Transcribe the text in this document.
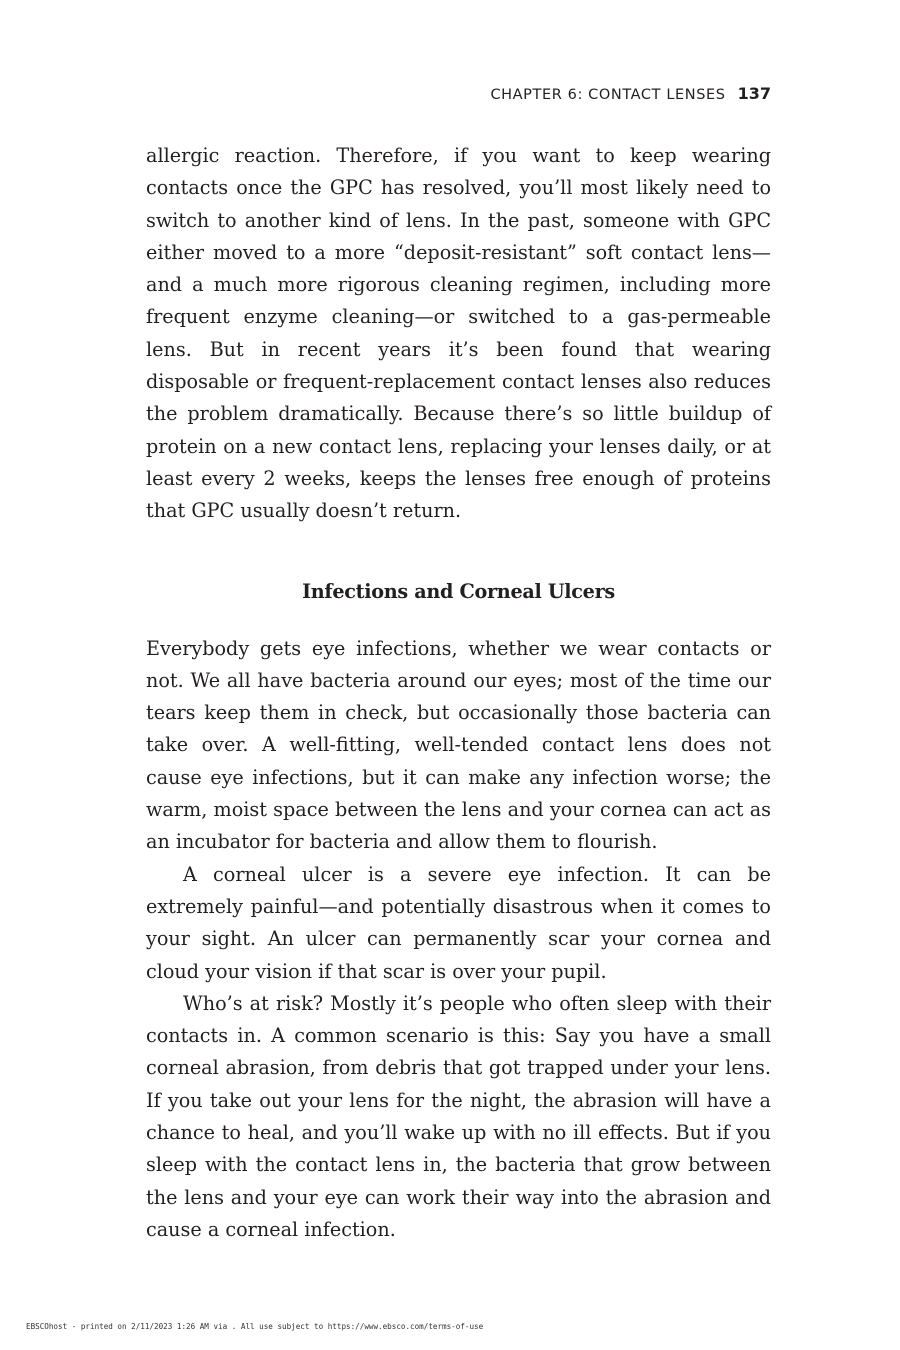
CHAPTER 6: CONTACT LENSES 137

allergic reaction. Therefore, if you want to keep wearing contacts once the GPC has resolved, you’ll most likely need to switch to another kind of lens. In the past, someone with GPC either moved to a more “deposit-resistant” soft contact lens—and a much more rigorous cleaning regimen, including more frequent enzyme cleaning—or switched to a gas-permeable lens. But in recent years it’s been found that wearing disposable or frequent-replacement contact lenses also reduces the problem dramatically. Because there’s so little buildup of protein on a new contact lens, replacing your lenses daily, or at least every 2 weeks, keeps the lenses free enough of proteins that GPC usually doesn’t return.

Infections and Corneal Ulcers

Everybody gets eye infections, whether we wear contacts or not. We all have bacteria around our eyes; most of the time our tears keep them in check, but occasionally those bacteria can take over. A well-fitting, well-tended contact lens does not cause eye infections, but it can make any infection worse; the warm, moist space between the lens and your cornea can act as an incubator for bacteria and allow them to flourish.

A corneal ulcer is a severe eye infection. It can be extremely painful—and potentially disastrous when it comes to your sight. An ulcer can permanently scar your cornea and cloud your vision if that scar is over your pupil.

Who’s at risk? Mostly it’s people who often sleep with their contacts in. A common scenario is this: Say you have a small corneal abrasion, from debris that got trapped under your lens. If you take out your lens for the night, the abrasion will have a chance to heal, and you’ll wake up with no ill effects. But if you sleep with the contact lens in, the bacteria that grow between the lens and your eye can work their way into the abrasion and cause a corneal infection.

EBSCOhost - printed on 2/11/2023 1:26 AM via . All use subject to https://www.ebsco.com/terms-of-use
